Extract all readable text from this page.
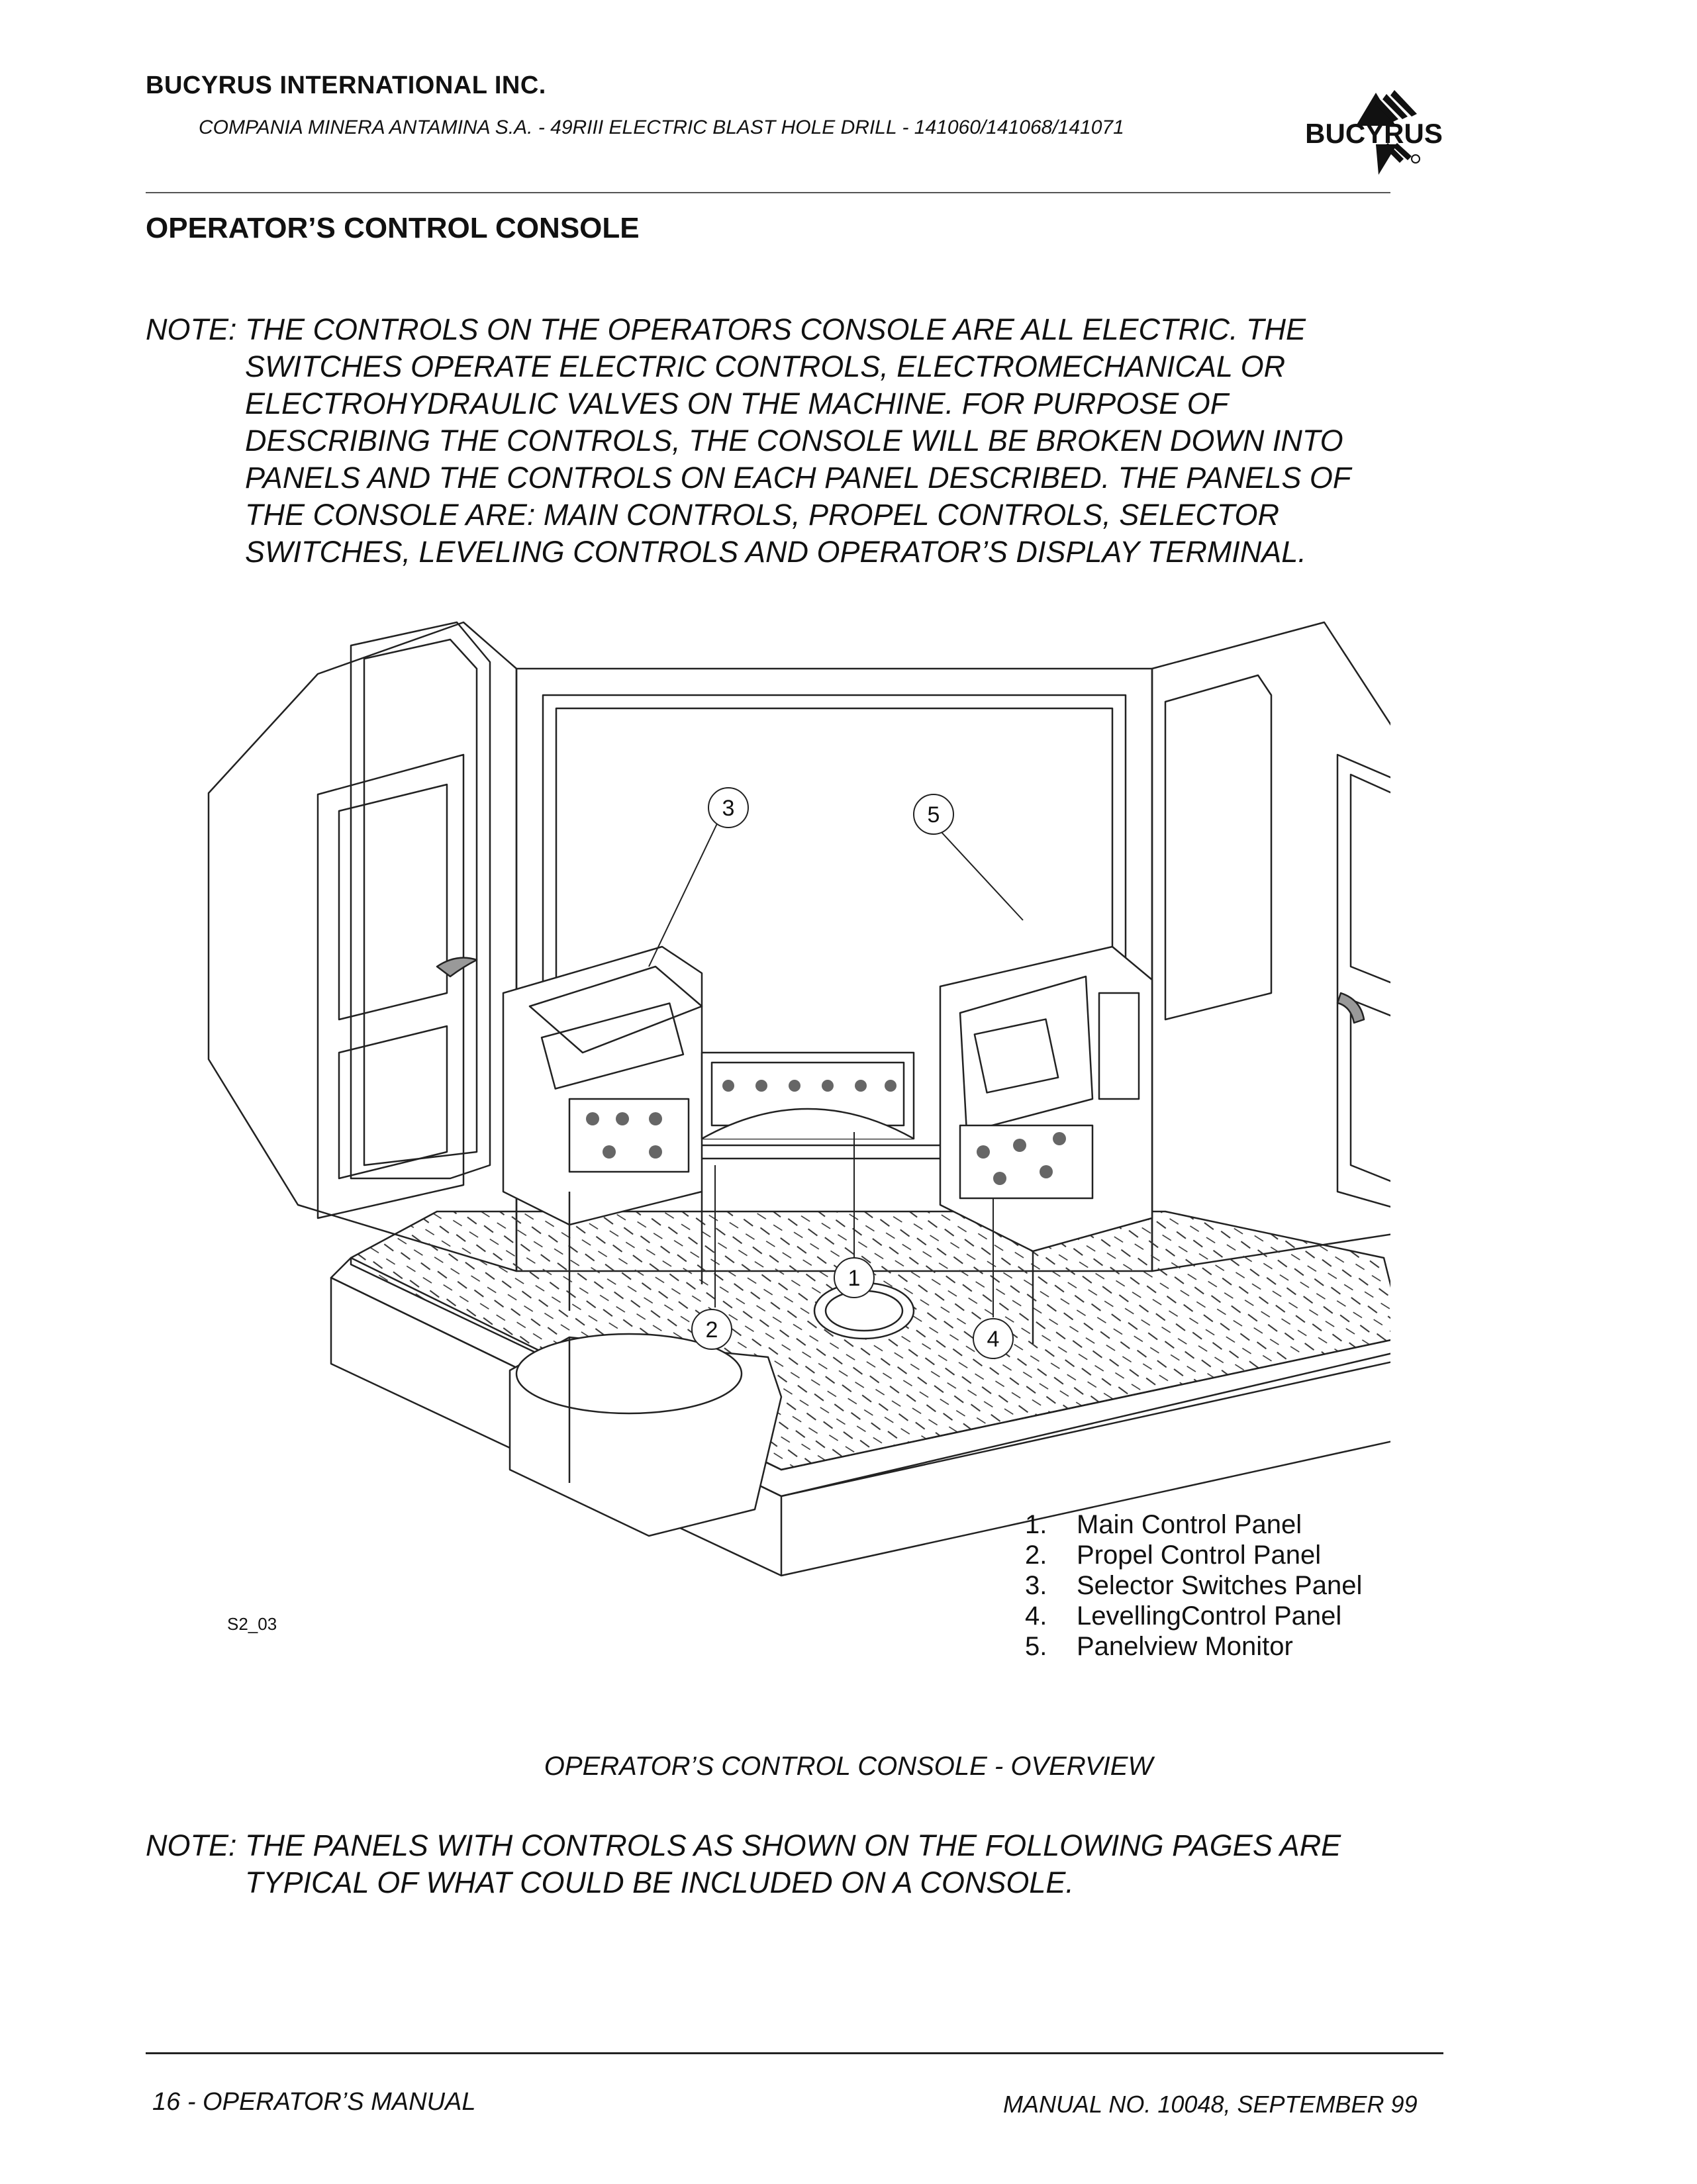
BUCYRUS INTERNATIONAL INC.
COMPANIA MINERA ANTAMINA S.A. - 49RIII ELECTRIC BLAST HOLE DRILL - 141060/141068/141071	BUCYRUS
OPERATOR’S CONTROL CONSOLE
NOTE: THE CONTROLS ON THE OPERATORS CONSOLE ARE ALL ELECTRIC. THE
SWITCHES OPERATE ELECTRIC CONTROLS, ELECTROMECHANICAL OR
ELECTROHYDRAULIC VALVES ON THE MACHINE. FOR PURPOSE OF
DESCRIBING THE CONTROLS, THE CONSOLE WILL BE BROKEN DOWN INTO
PANELS AND THE CONTROLS ON EACH PANEL DESCRIBED. THE PANELS OF
THE CONSOLE ARE: MAIN CONTROLS, PROPEL CONTROLS, SELECTOR
SWITCHES, LEVELING CONTROLS AND OPERATOR’S DISPLAY TERMINAL.
3	5
1
2	4
1.	Main Control Panel
2.	Propel Control Panel
3.	Selector Switches Panel
4.	LevellingControl Panel
5.	Panelview Monitor
S2_03
OPERATOR’S CONTROL CONSOLE - OVERVIEW
NOTE: THE PANELS WITH CONTROLS AS SHOWN ON THE FOLLOWING PAGES ARE
TYPICAL OF WHAT COULD BE INCLUDED ON A CONSOLE.
16 - OPERATOR’S MANUAL	MANUAL NO. 10048, SEPTEMBER 99
